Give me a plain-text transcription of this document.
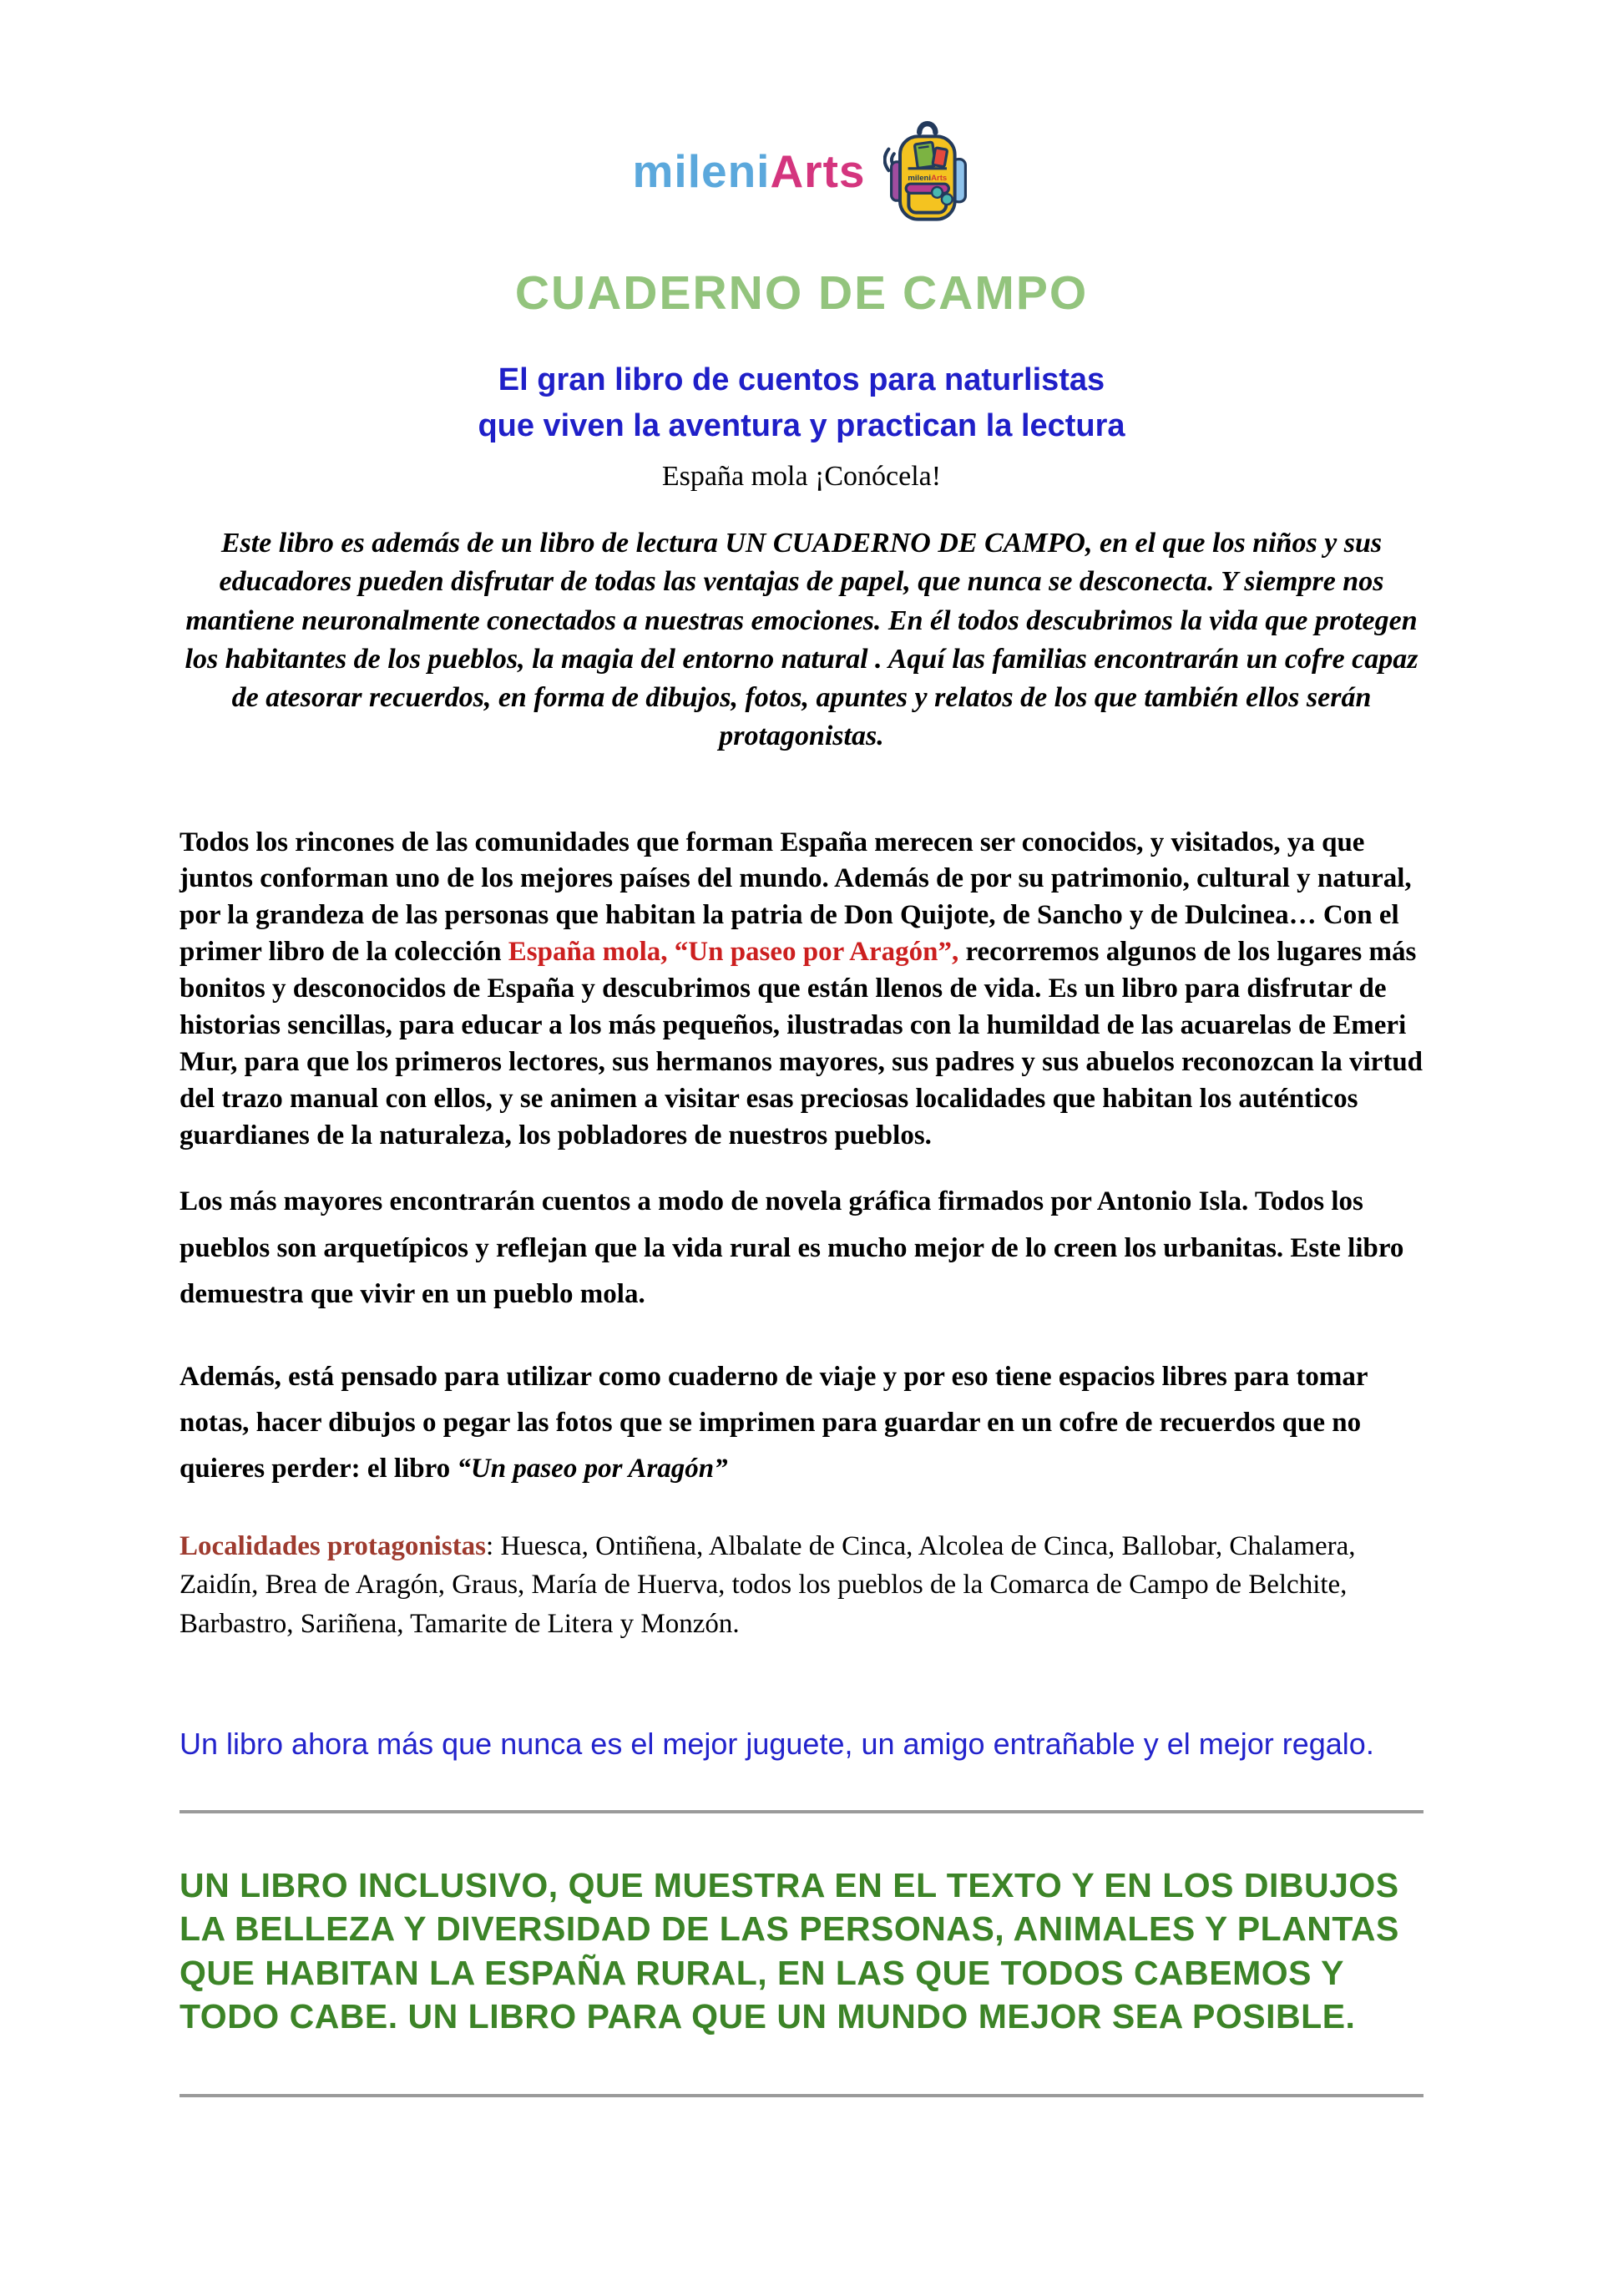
mileniArts	mileniArts
CUADERNO DE CAMPO
El gran libro de cuentos para naturlistas
que viven la aventura y practican la lectura
España mola ¡Conócela!
Este libro es además de un libro de lectura UN CUADERNO DE CAMPO, en el que los niños y sus educadores pueden disfrutar de todas las ventajas de papel, que nunca se desconecta. Y siempre nos mantiene neuronalmente conectados a nuestras emociones. En él todos descubrimos la vida que protegen los habitantes de los pueblos, la magia del entorno natural . Aquí las familias encontrarán un cofre capaz de atesorar recuerdos, en forma de dibujos, fotos, apuntes y relatos de los que también ellos serán protagonistas.
Todos los rincones de las comunidades que forman España merecen ser conocidos, y visitados, ya que juntos conforman uno de los mejores países del mundo. Además de por su patrimonio, cultural y natural, por la grandeza de las personas que habitan la patria de Don Quijote, de Sancho y de Dulcinea… Con el primer libro de la colección España mola, “Un paseo por Aragón”, recorremos algunos de los lugares más bonitos y desconocidos de España y descubrimos que están llenos de vida. Es un libro para disfrutar de historias sencillas, para educar a los más pequeños, ilustradas con la humildad de las acuarelas de Emeri Mur, para que los primeros lectores, sus hermanos mayores, sus padres y sus abuelos reconozcan la virtud del trazo manual con ellos, y se animen a visitar esas preciosas localidades que habitan los auténticos guardianes de la naturaleza, los pobladores de nuestros pueblos.
Los más mayores encontrarán cuentos a modo de novela gráfica firmados por Antonio Isla. Todos los pueblos son arquetípicos y reflejan que la vida rural es mucho mejor de lo creen los urbanitas. Este libro demuestra que vivir en un pueblo mola.
Además, está pensado para utilizar como cuaderno de viaje y por eso tiene espacios libres para tomar notas, hacer dibujos o pegar las fotos que se imprimen para guardar en un cofre de recuerdos que no quieres perder: el libro “Un paseo por Aragón”
Localidades protagonistas: Huesca, Ontiñena, Albalate de Cinca, Alcolea de Cinca, Ballobar, Chalamera, Zaidín, Brea de Aragón, Graus, María de Huerva, todos los pueblos de la Comarca de Campo de Belchite, Barbastro, Sariñena, Tamarite de Litera y Monzón.
Un libro ahora más que nunca es el mejor juguete, un amigo entrañable y el mejor regalo.
UN LIBRO INCLUSIVO, QUE MUESTRA EN EL TEXTO Y EN LOS DIBUJOS LA BELLEZA Y DIVERSIDAD DE LAS PERSONAS, ANIMALES Y PLANTAS QUE HABITAN LA ESPAÑA RURAL, EN LAS QUE TODOS CABEMOS Y TODO CABE. UN LIBRO PARA QUE UN MUNDO MEJOR SEA POSIBLE.
